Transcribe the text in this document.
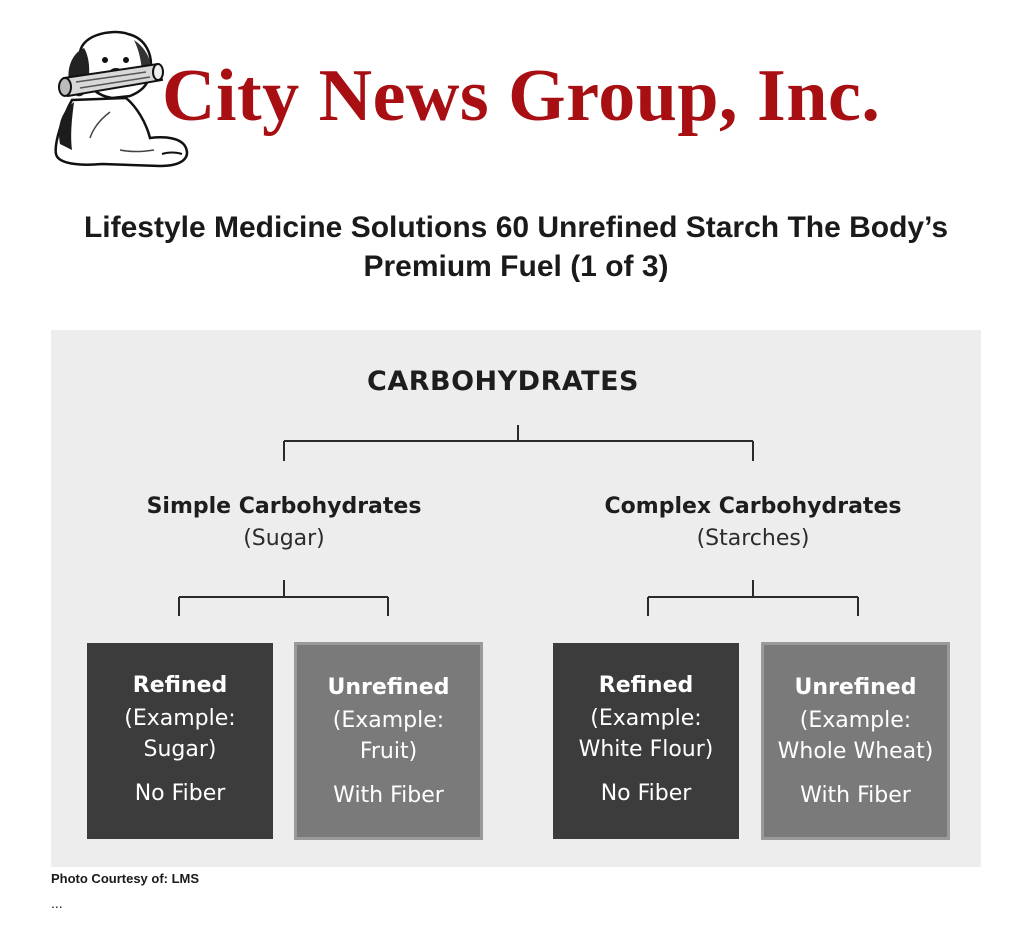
City News Group, Inc.
Lifestyle Medicine Solutions 60 Unrefined Starch The Body’s Premium Fuel (1 of 3)
CARBOHYDRATES
Simple Carbohydrates
(Sugar)
Complex Carbohydrates
(Starches)
Refined
(Example:
Sugar)
No Fiber
Unrefined
(Example:
Fruit)
With Fiber
Refined
(Example:
White Flour)
No Fiber
Unrefined
(Example:
Whole Wheat)
With Fiber
Photo Courtesy of: LMS
...
